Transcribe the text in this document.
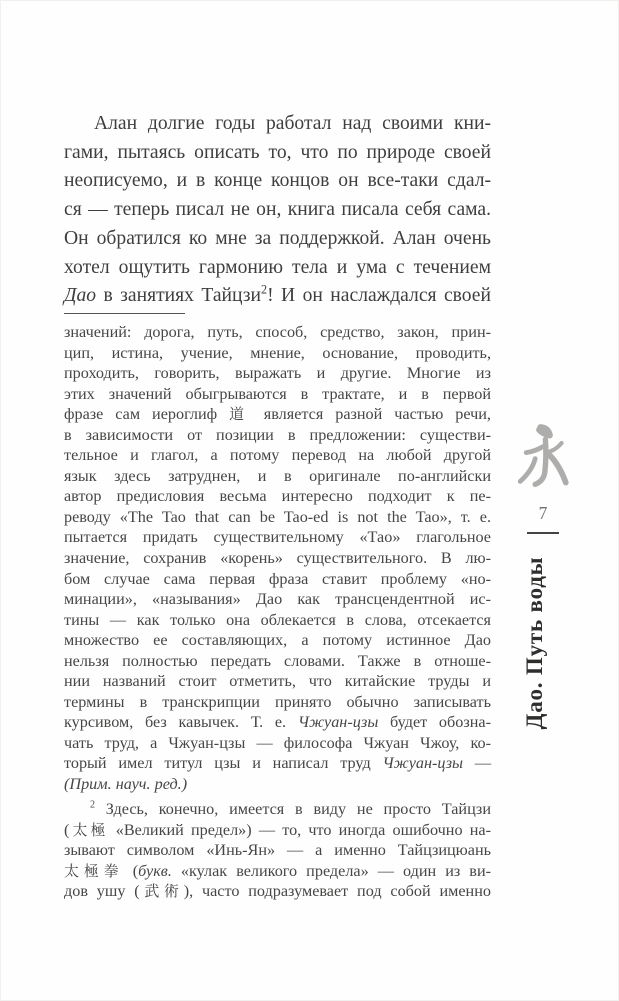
Алан долгие годы работал над своими кни-
гами, пытаясь описать то, что по природе своей
неописуемо, и в конце концов он все-таки сдал-
ся — теперь писал не он, книга писала себя сама.
Он обратился ко мне за поддержкой. Алан очень
хотел ощутить гармонию тела и ума с течением
Дао в занятиях Тайцзи$^2$! И он наслаждался своей
значений: дорога, путь, способ, средство, закон, прин-
цип, истина, учение, мнение, основание, проводить,
проходить, говорить, выражать и другие. Многие из
этих значений обыгрываются в трактате, и в первой
фразе сам иероглиф 道 является разной частью речи,
в зависимости от позиции в предложении: существи-
тельное и глагол, а потому перевод на любой другой
язык здесь затруднен, и в оригинале по-английски
автор предисловия весьма интересно подходит к пе-
реводу «The Tao that can be Tao-ed is not the Tao», т. е.
пытается придать существительному «Тао» глагольное
значение, сохранив «корень» существительного. В лю-
бом случае сама первая фраза ставит проблему «но-
минации», «называния» Дао как трансцендентной ис-
тины — как только она облекается в слова, отсекается
множество ее составляющих, а потому истинное Дао
нельзя полностью передать словами. Также в отноше-
нии названий стоит отметить, что китайские труды и
термины в транскрипции принято обычно записывать
курсивом, без кавычек. Т. е. Чжуан-цзы будет обозна-
чать труд, а Чжуан-цзы — философа Чжуан Чжоу, ко-
торый имел титул цзы и написал труд Чжуан-цзы —
(Прим. науч. ред.)
$^2$ Здесь, конечно, имеется в виду не просто Тайцзи
(太極 «Великий предел») — то, что иногда ошибочно на-
зывают символом «Инь-Ян» — а именно Тайцзицюань
太極拳 (букв. «кулак великого предела» — один из ви-
дов ушу (武術), часто подразумевает под собой именно
7
Дао. Путь воды
